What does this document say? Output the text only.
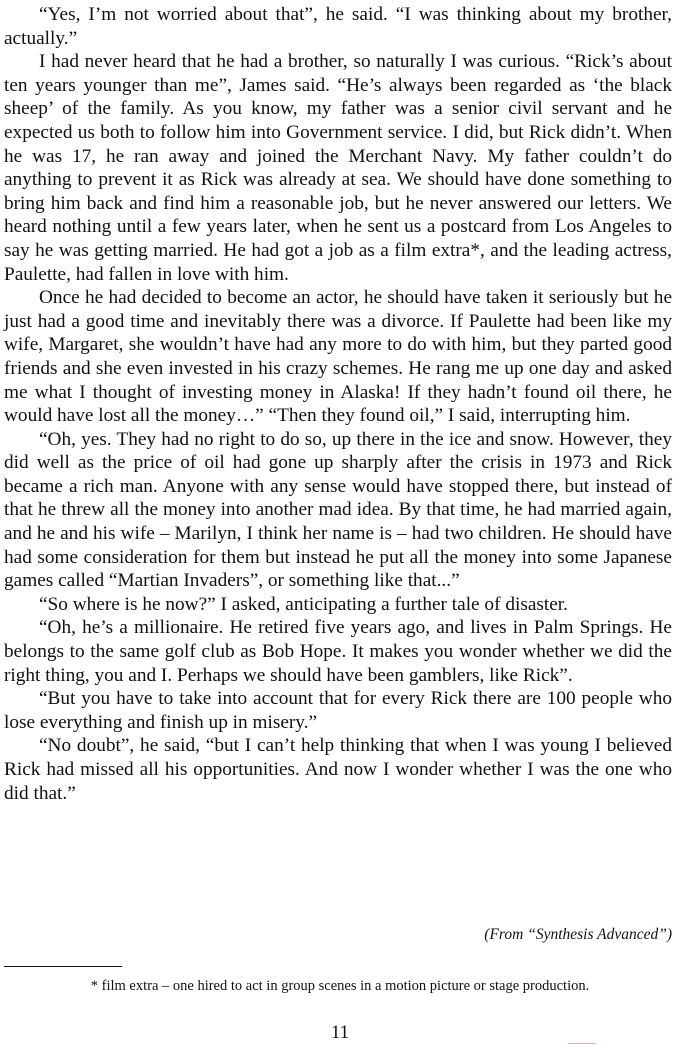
“Yes, I’m not worried about that”, he said. “I was thinking about my brother, actually.”

I had never heard that he had a brother, so naturally I was curious. “Rick’s about ten years younger than me”, James said. “He’s always been regarded as ‘the black sheep’ of the family. As you know, my father was a senior civil servant and he expected us both to follow him into Government service. I did, but Rick didn’t. When he was 17, he ran away and joined the Merchant Navy. My father couldn’t do anything to prevent it as Rick was already at sea. We should have done something to bring him back and find him a reasonable job, but he never answered our letters. We heard nothing until a few years later, when he sent us a postcard from Los Angeles to say he was getting married. He had got a job as a film extra*, and the leading actress, Paulette, had fallen in love with him.

Once he had decided to become an actor, he should have taken it seriously but he just had a good time and inevitably there was a divorce. If Paulette had been like my wife, Margaret, she wouldn’t have had any more to do with him, but they parted good friends and she even invested in his crazy schemes. He rang me up one day and asked me what I thought of investing money in Alaska! If they hadn’t found oil there, he would have lost all the money…” “Then they found oil,” I said, interrupting him.

“Oh, yes. They had no right to do so, up there in the ice and snow. However, they did well as the price of oil had gone up sharply after the crisis in 1973 and Rick became a rich man. Anyone with any sense would have stopped there, but instead of that he threw all the money into another mad idea. By that time, he had married again, and he and his wife – Marilyn, I think her name is – had two children. He should have had some consideration for them but instead he put all the money into some Japanese games called “Martian Invaders”, or something like that...”

“So where is he now?” I asked, anticipating a further tale of disaster.

“Oh, he’s a millionaire. He retired five years ago, and lives in Palm Springs. He belongs to the same golf club as Bob Hope. It makes you wonder whether we did the right thing, you and I. Perhaps we should have been gamblers, like Rick”.

“But you have to take into account that for every Rick there are 100 people who lose everything and finish up in misery.”

“No doubt”, he said, “but I can’t help thinking that when I was young I believed Rick had missed all his opportunities. And now I wonder whether I was the one who did that.”

(From “Synthesis Advanced”)

* film extra – one hired to act in group scenes in a motion picture or stage production.

11
